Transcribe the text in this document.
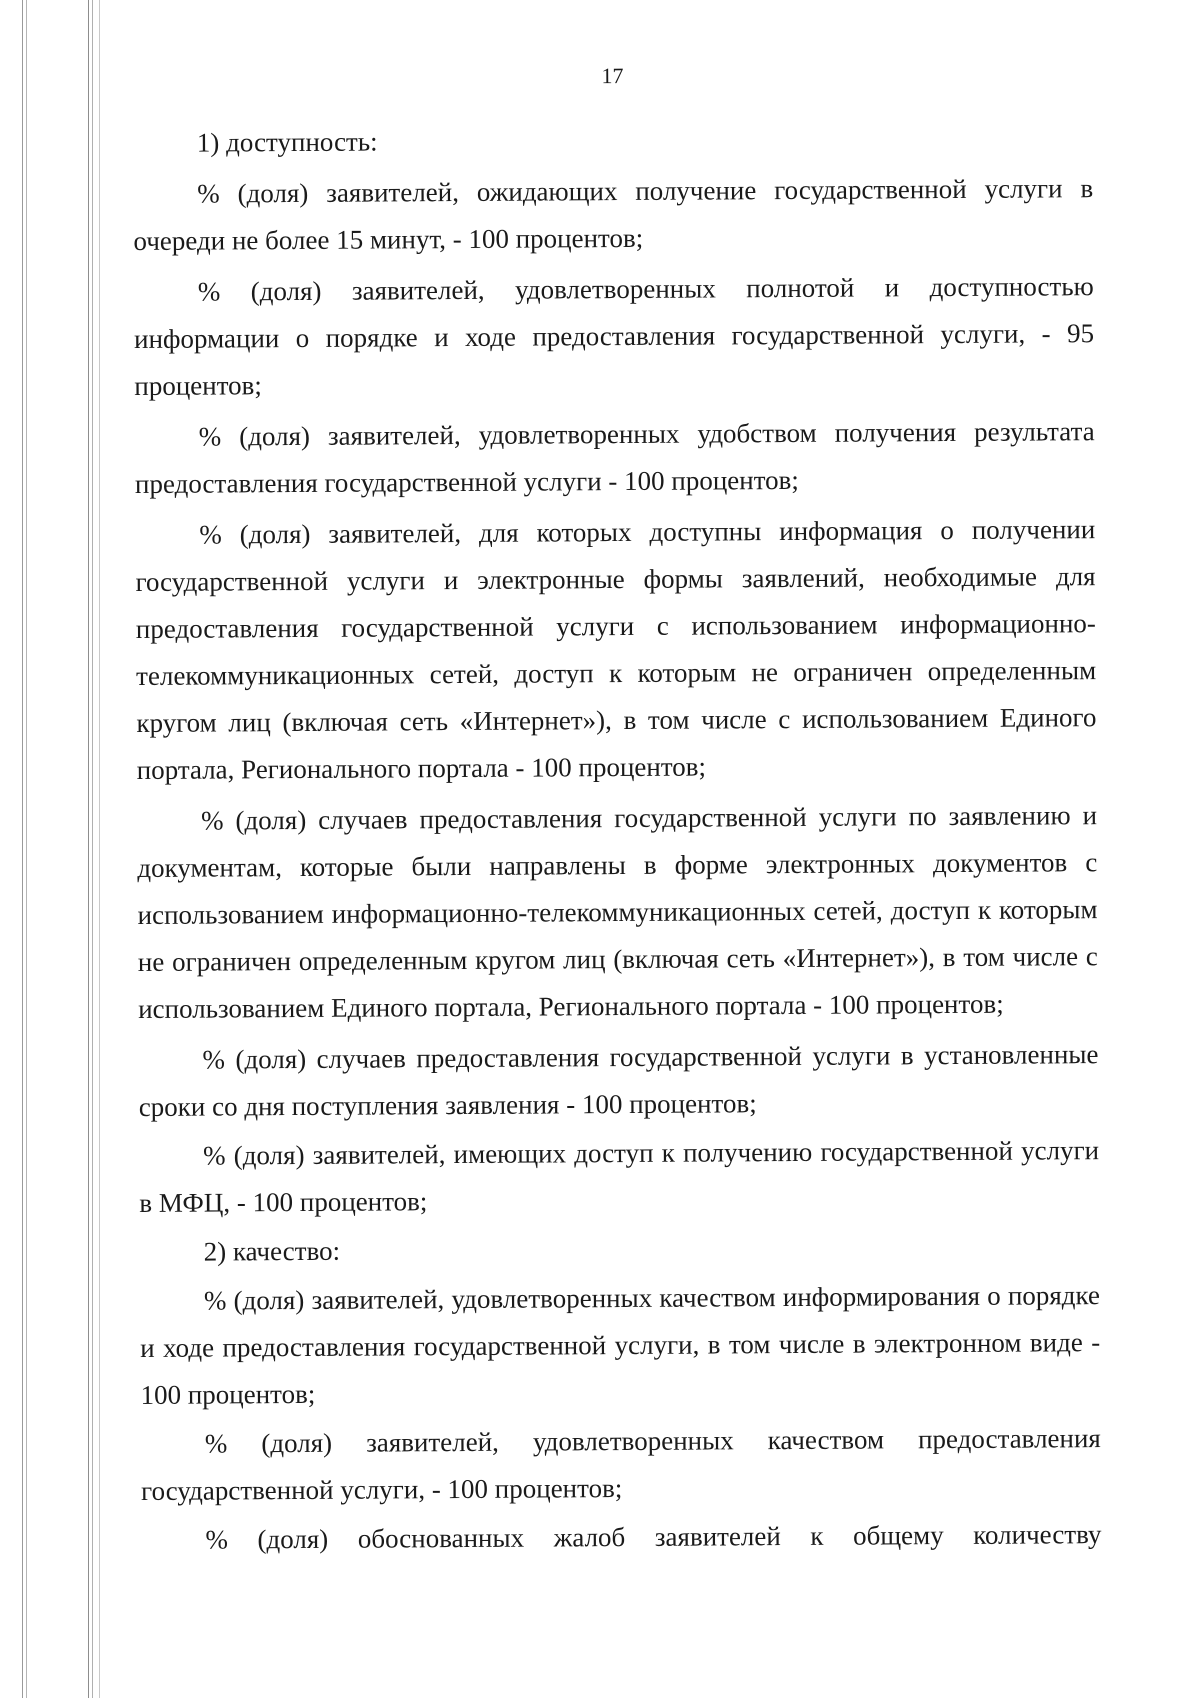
17

1) доступность:

% (доля) заявителей, ожидающих получение государственной услуги в очереди не более 15 минут, - 100 процентов;

% (доля) заявителей, удовлетворенных полнотой и доступностью информации о порядке и ходе предоставления государственной услуги, - 95 процентов;

% (доля) заявителей, удовлетворенных удобством получения результата предоставления государственной услуги - 100 процентов;

% (доля) заявителей, для которых доступны информация о получении государственной услуги и электронные формы заявлений, необходимые для предоставления государственной услуги с использованием информационно-телекоммуникационных сетей, доступ к которым не ограничен определенным кругом лиц (включая сеть «Интернет»), в том числе с использованием Единого портала, Регионального портала - 100 процентов;

% (доля) случаев предоставления государственной услуги по заявлению и документам, которые были направлены в форме электронных документов с использованием информационно-телекоммуникационных сетей, доступ к которым не ограничен определенным кругом лиц (включая сеть «Интернет»), в том числе с использованием Единого портала, Регионального портала - 100 процентов;

% (доля) случаев предоставления государственной услуги в установленные сроки со дня поступления заявления - 100 процентов;

% (доля) заявителей, имеющих доступ к получению государственной услуги в МФЦ, - 100 процентов;

2) качество:

% (доля) заявителей, удовлетворенных качеством информирования о порядке и ходе предоставления государственной услуги, в том числе в электронном виде - 100 процентов;

% (доля) заявителей, удовлетворенных качеством предоставления государственной услуги, - 100 процентов;

% (доля) обоснованных жалоб заявителей к общему количеству
